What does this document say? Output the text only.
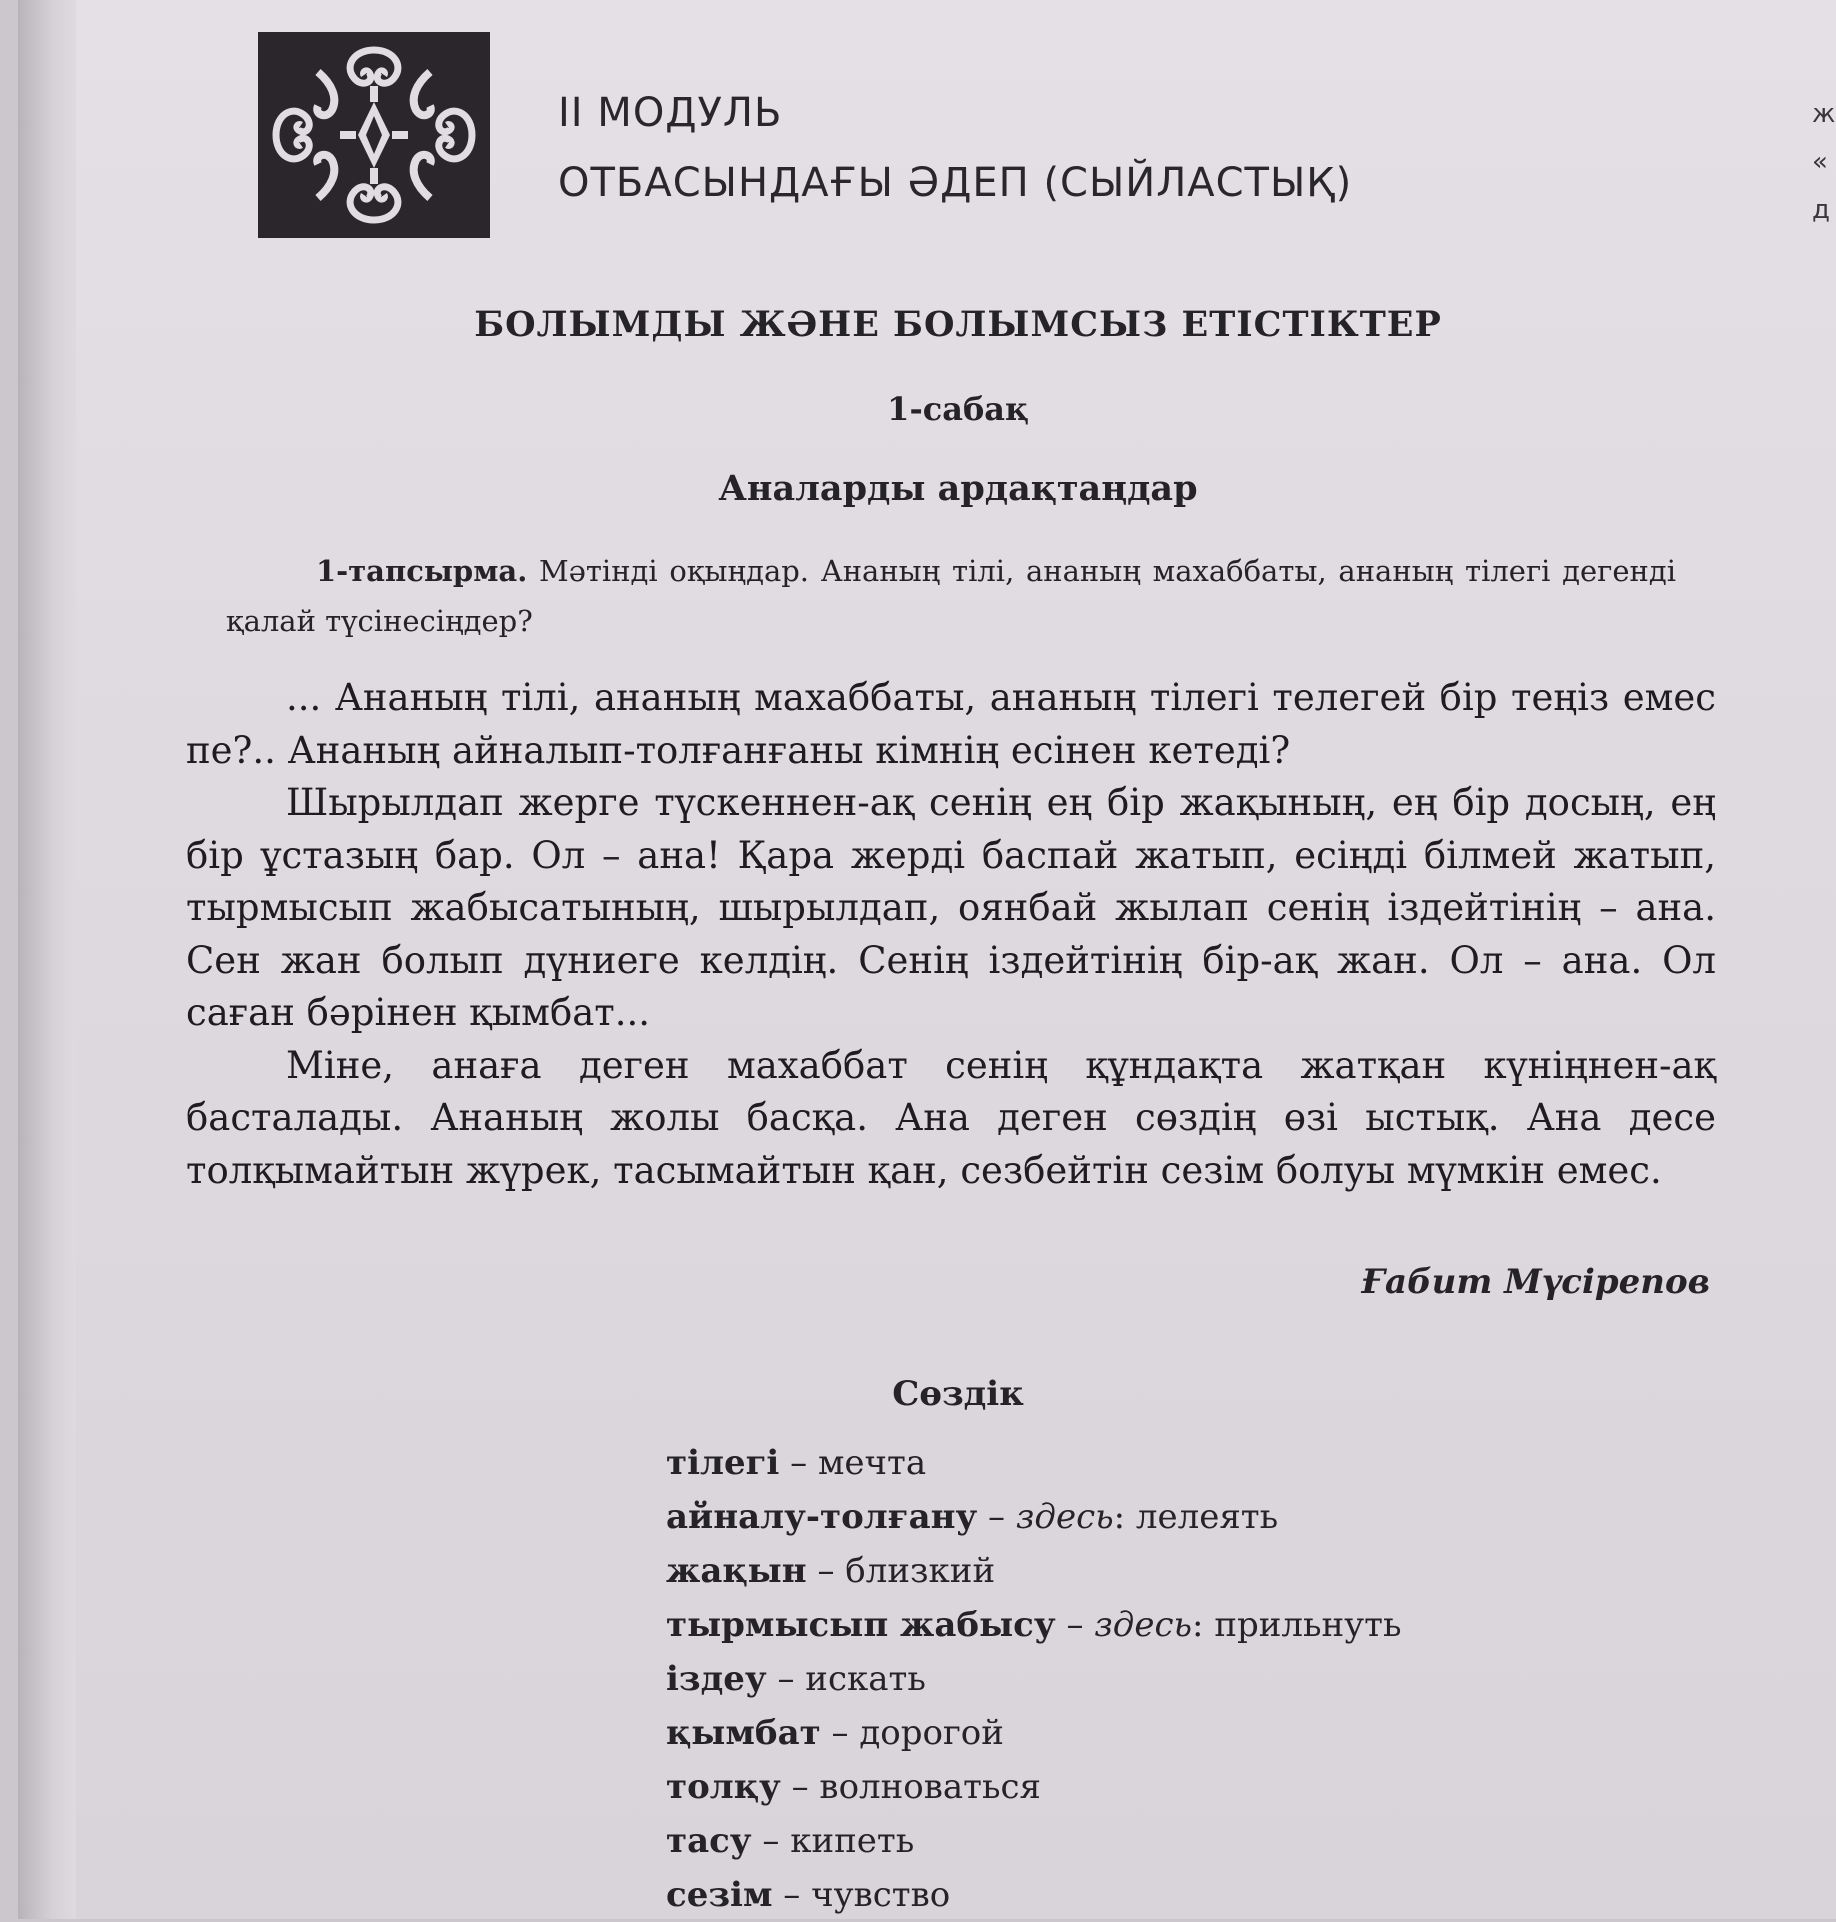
II МОДУЛЬ
ОТБАСЫНДАҒЫ ӘДЕП (СЫЙЛАСТЫҚ)
БОЛЫМДЫ ЖӘНЕ БОЛЫМСЫЗ ЕТІСТІКТЕР
1-сабақ
Аналарды ардақтаңдар
1-тапсырма. Мәтінді оқыңдар. Ананың тілі, ананың махаббаты, ананың тілегі дегенді қалай түсінесіңдер?

... Ананың тілі, ананың махаббаты, ананың тілегі телегей бір теңіз емес пе?.. Ананың айналып-толғанғаны кімнің есінен кетеді?

Шырылдап жерге түскеннен-ақ сенің ең бір жақының, ең бір досың, ең бір ұстазың бар. Ол – ана! Қара жерді баспай жатып, есіңді білмей жатып, тырмысып жабысатының, шырылдап, оянбай жылап сенің іздейтінің – ана. Сен жан болып дүниеге келдің. Сенің іздейтінің бір-ақ жан. Ол – ана. Ол саған бәрінен қымбат...

Міне, анаға деген махаббат сенің құндақта жатқан күніңнен-ақ басталады. Ананың жолы басқа. Ана деген сөздің өзі ыстық. Ана десе толқымайтын жүрек, тасымайтын қан, сезбейтін сезім болуы мүмкін емес.

Ғабит Мүсірепов
Сөздік
тілегі – мечта
айналу-толғану – здесь: лелеять
жақын – близкий
тырмысып жабысу – здесь: прильнуть
іздеу – искать
қымбат – дорогой
толқу – волноваться
тасу – кипеть
сезім – чувство
ж
«
д
